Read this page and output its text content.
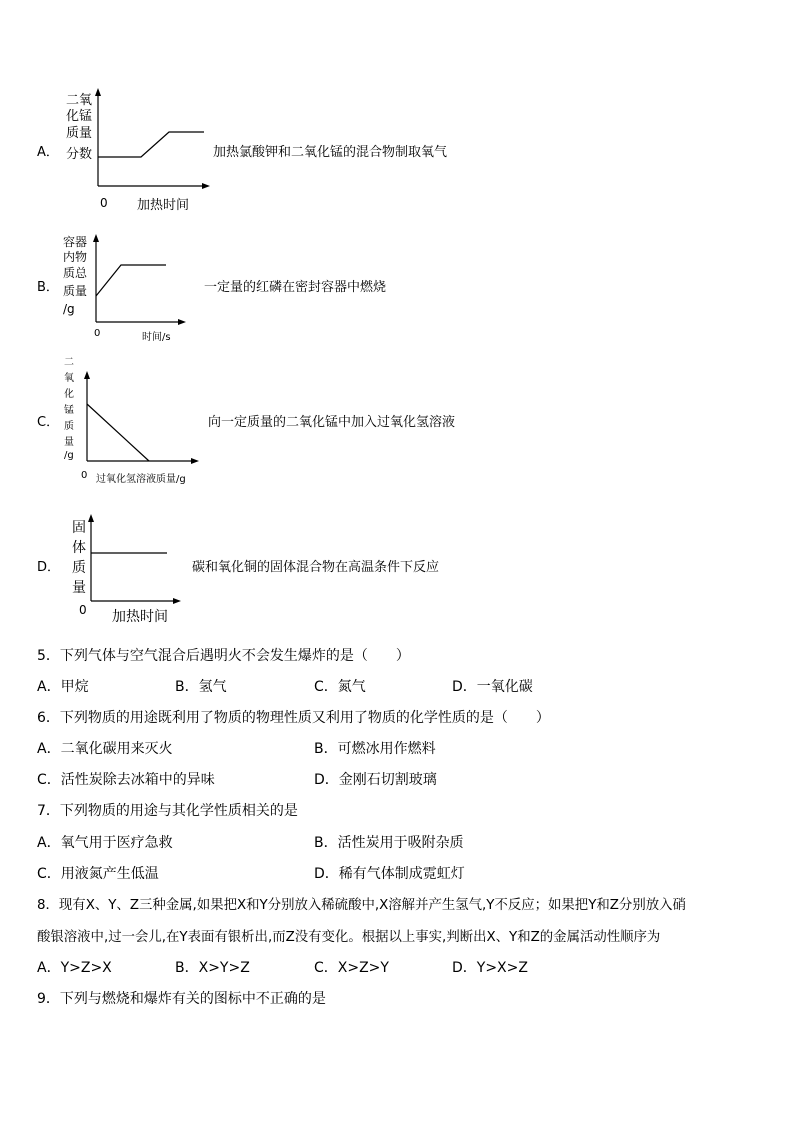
A．
二氧
化锰
质量
分数
0 加热时间
加热氯酸钾和二氧化锰的混合物制取氧气
B．
容器
内物
质总
质量
/g
0	时间/s
一定量的红磷在密封容器中燃烧
C．
二
氧
化
锰
质
量
/g
0 过氧化氢溶液质量/g
向一定质量的二氧化锰中加入过氧化氢溶液
D．
固
体
质
量
0 加热时间
碳和氧化铜的固体混合物在高温条件下反应
5．下列气体与空气混合后遇明火不会发生爆炸的是（　　）
A．甲烷	B．氢气	C．氮气	D．一氧化碳
6．下列物质的用途既利用了物质的物理性质又利用了物质的化学性质的是（　　）
A．二氧化碳用来灭火	B．可燃冰用作燃料
C．活性炭除去冰箱中的异味	D．金刚石切割玻璃
7．下列物质的用途与其化学性质相关的是
A．氧气用于医疗急救	B．活性炭用于吸附杂质
C．用液氮产生低温	D．稀有气体制成霓虹灯
8．现有X、Y、Z三种金属,如果把X和Y分别放入稀硫酸中,X溶解并产生氢气,Y不反应；如果把Y和Z分别放入硝
酸银溶液中,过一会儿,在Y表面有银析出,而Z没有变化。根据以上事实,判断出X、Y和Z的金属活动性顺序为
A．Y>Z>X	B．X>Y>Z	C．X>Z>Y	D．Y>X>Z
9．下列与燃烧和爆炸有关的图标中不正确的是
